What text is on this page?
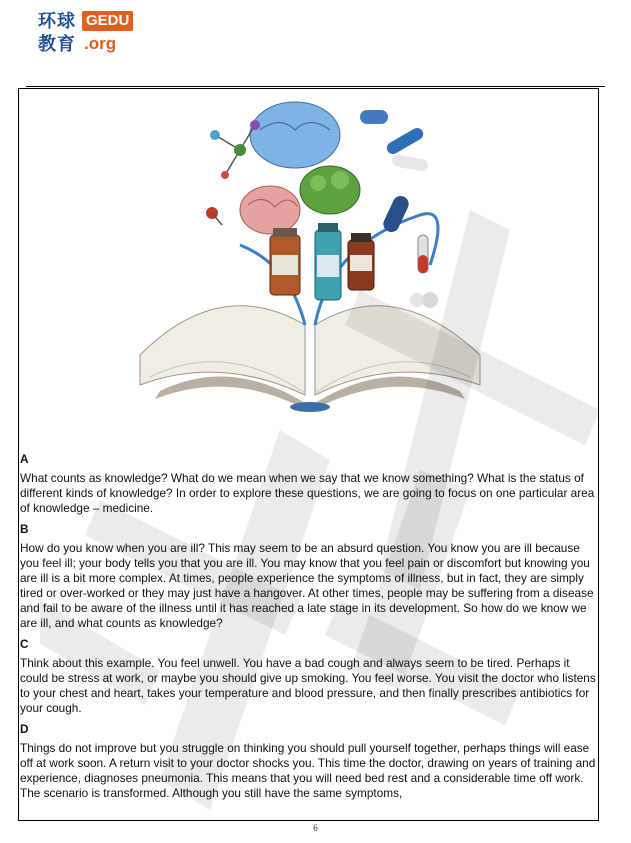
环球 GEDU
教育 .org
A
What counts as knowledge? What do we mean when we say that we know something? What is the status of different kinds of knowledge? In order to explore these questions, we are going to focus on one particular area of knowledge – medicine.
B
How do you know when you are ill? This may seem to be an absurd question. You know you are ill because you feel ill; your body tells you that you are ill. You may know that you feel pain or discomfort but knowing you are ill is a bit more complex. At times, people experience the symptoms of illness, but in fact, they are simply tired or over-worked or they may just have a hangover. At other times, people may be suffering from a disease and fail to be aware of the illness until it has reached a late stage in its development. So how do we know we are ill, and what counts as knowledge?
C
Think about this example. You feel unwell. You have a bad cough and always seem to be tired. Perhaps it could be stress at work, or maybe you should give up smoking. You feel worse. You visit the doctor who listens to your chest and heart, takes your temperature and blood pressure, and then finally prescribes antibiotics for your cough.
D
Things do not improve but you struggle on thinking you should pull yourself together, perhaps things will ease off at work soon. A return visit to your doctor shocks you. This time the doctor, drawing on years of training and experience, diagnoses pneumonia. This means that you will need bed rest and a considerable time off work. The scenario is transformed. Although you still have the same symptoms,
6
